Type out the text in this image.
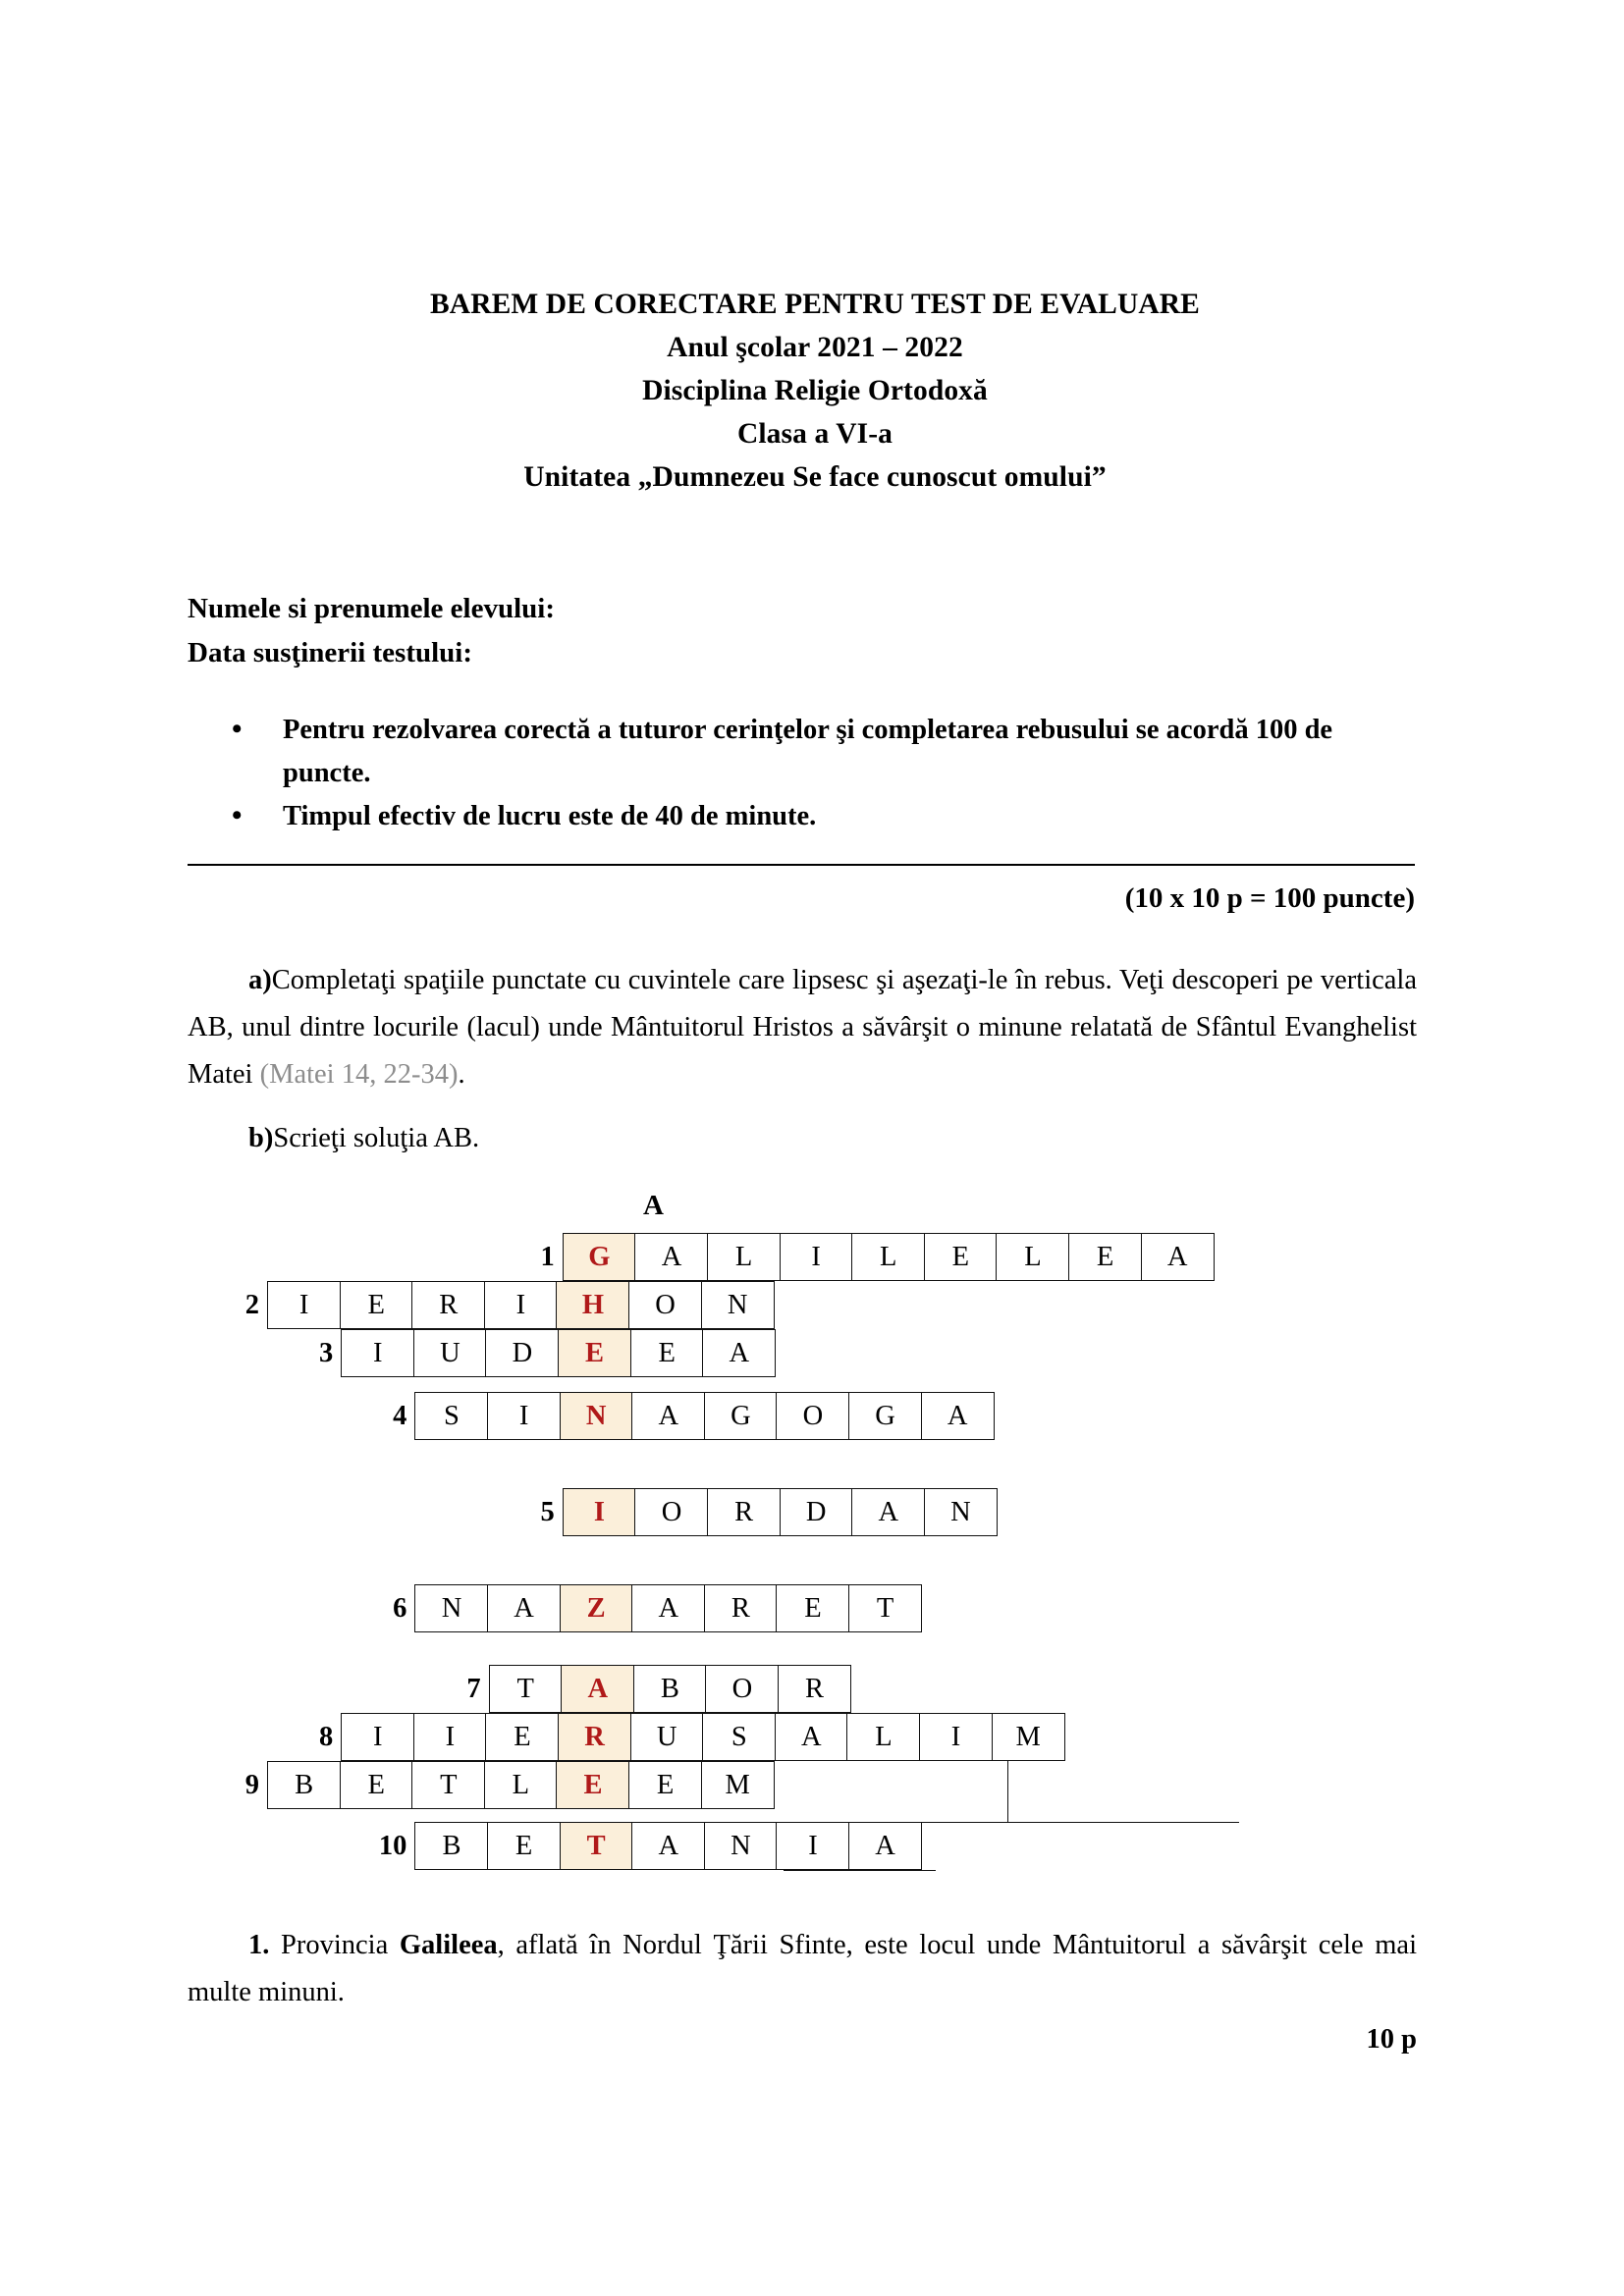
BAREM DE CORECTARE PENTRU TEST DE EVALUARE
Anul şcolar 2021 – 2022
Disciplina Religie Ortodoxă
Clasa a VI-a
Unitatea „Dumnezeu Se face cunoscut omului”
Numele si prenumele elevului:
Data susţinerii testului:
• Pentru rezolvarea corectă a tuturor cerinţelor şi completarea rebusului se acordă 100 de puncte.
• Timpul efectiv de lucru este de 40 de minute.
(10 x 10 p = 100 puncte)
a)Completaţi spaţiile punctate cu cuvintele care lipsesc şi aşezaţi-le în rebus. Veţi descoperi pe verticala AB, unul dintre locurile (lacul) unde Mântuitorul Hristos a săvârşit o minune relatată de Sfântul Evanghelist Matei (Matei 14, 22-34).
b)Scrieţi soluţia AB.
A
1	G	A	L	I	L	E	L	E	A
2	I	E	R	I	H	O	N
3	I	U	D	E	E	A
4	S	I	N	A	G	O	G	A
5	I	O	R	D	A	N
6	N	A	Z	A	R	E	T
7	T	A	B	O	R
8	I	I	E	R	U	S	A	L	I	M
9	B	E	T	L	E	E	M
10	B	E	T	A	N	I	A
1. Provincia Galileea, aflată în Nordul Ţării Sfinte, este locul unde Mântuitorul a săvârşit cele mai multe minuni.
10 p
